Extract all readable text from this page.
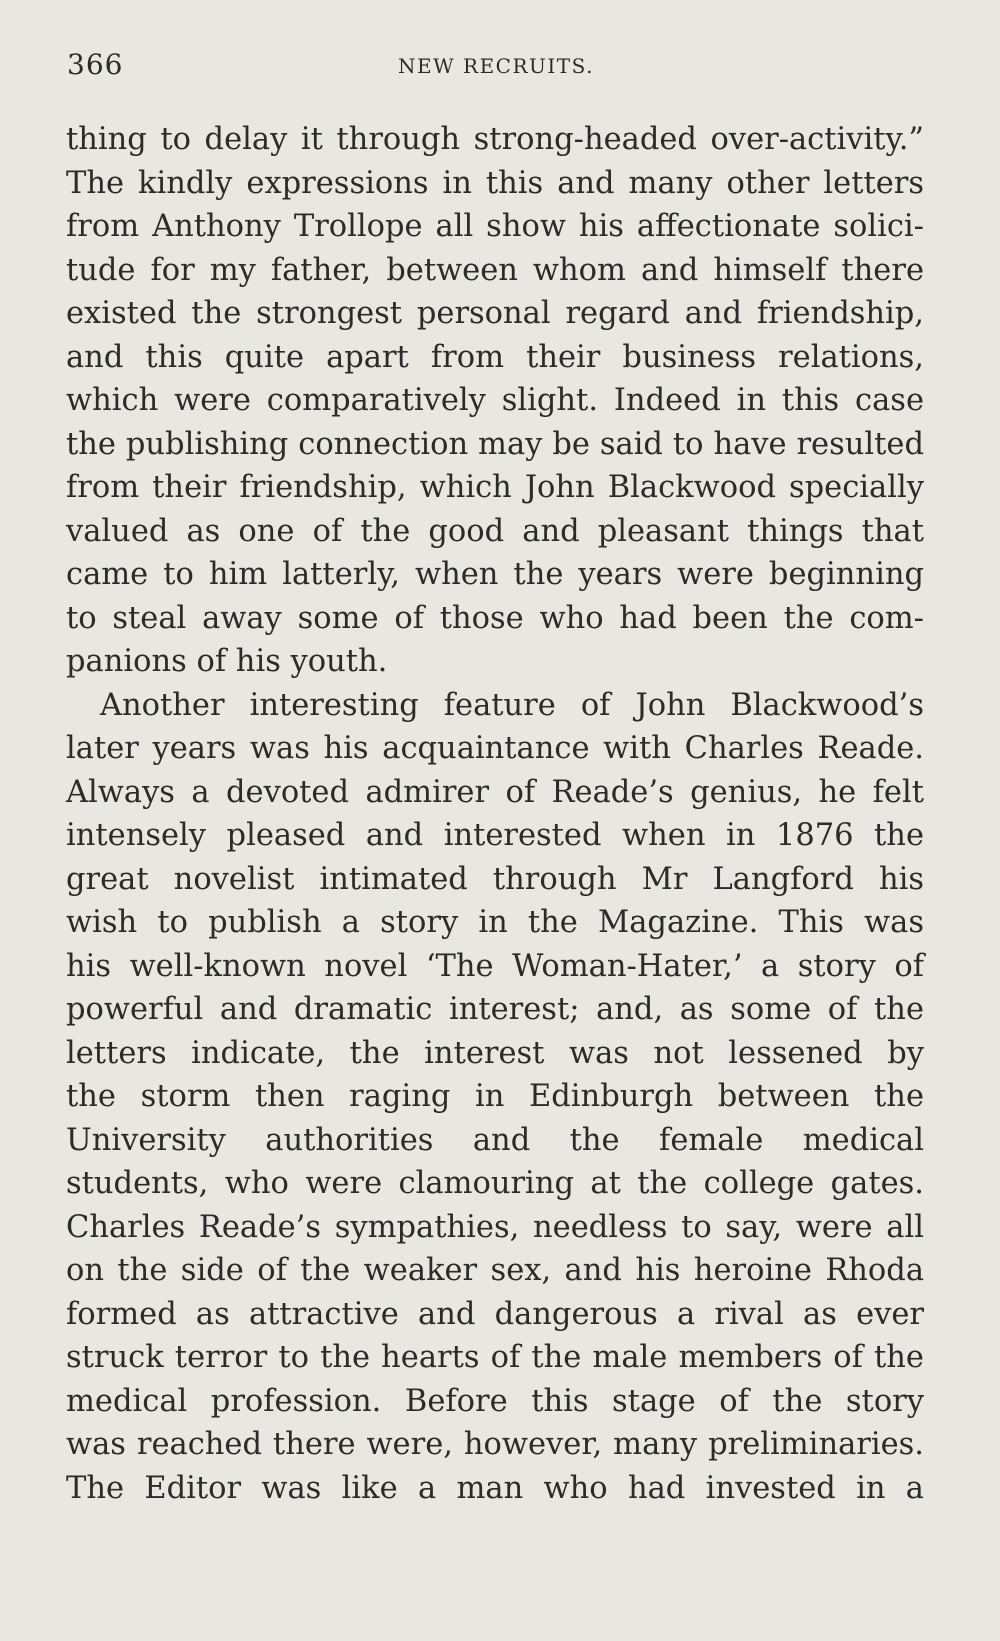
366	NEW RECRUITS.
thing to delay it through strong-headed over-activity.”
The kindly expressions in this and many other letters
from Anthony Trollope all show his affectionate solici-
tude for my father, between whom and himself there
existed the strongest personal regard and friendship,
and this quite apart from their business relations,
which were comparatively slight. Indeed in this case
the publishing connection may be said to have resulted
from their friendship, which John Blackwood specially
valued as one of the good and pleasant things that
came to him latterly, when the years were beginning
to steal away some of those who had been the com-
panions of his youth.
Another interesting feature of John Blackwood’s
later years was his acquaintance with Charles Reade.
Always a devoted admirer of Reade’s genius, he felt
intensely pleased and interested when in 1876 the
great novelist intimated through Mr Langford his
wish to publish a story in the Magazine. This was
his well-known novel ‘The Woman-Hater,’ a story of
powerful and dramatic interest; and, as some of the
letters indicate, the interest was not lessened by
the storm then raging in Edinburgh between the
University authorities and the female medical
students, who were clamouring at the college gates.
Charles Reade’s sympathies, needless to say, were all
on the side of the weaker sex, and his heroine Rhoda
formed as attractive and dangerous a rival as ever
struck terror to the hearts of the male members of the
medical profession. Before this stage of the story
was reached there were, however, many preliminaries.
The Editor was like a man who had invested in a
